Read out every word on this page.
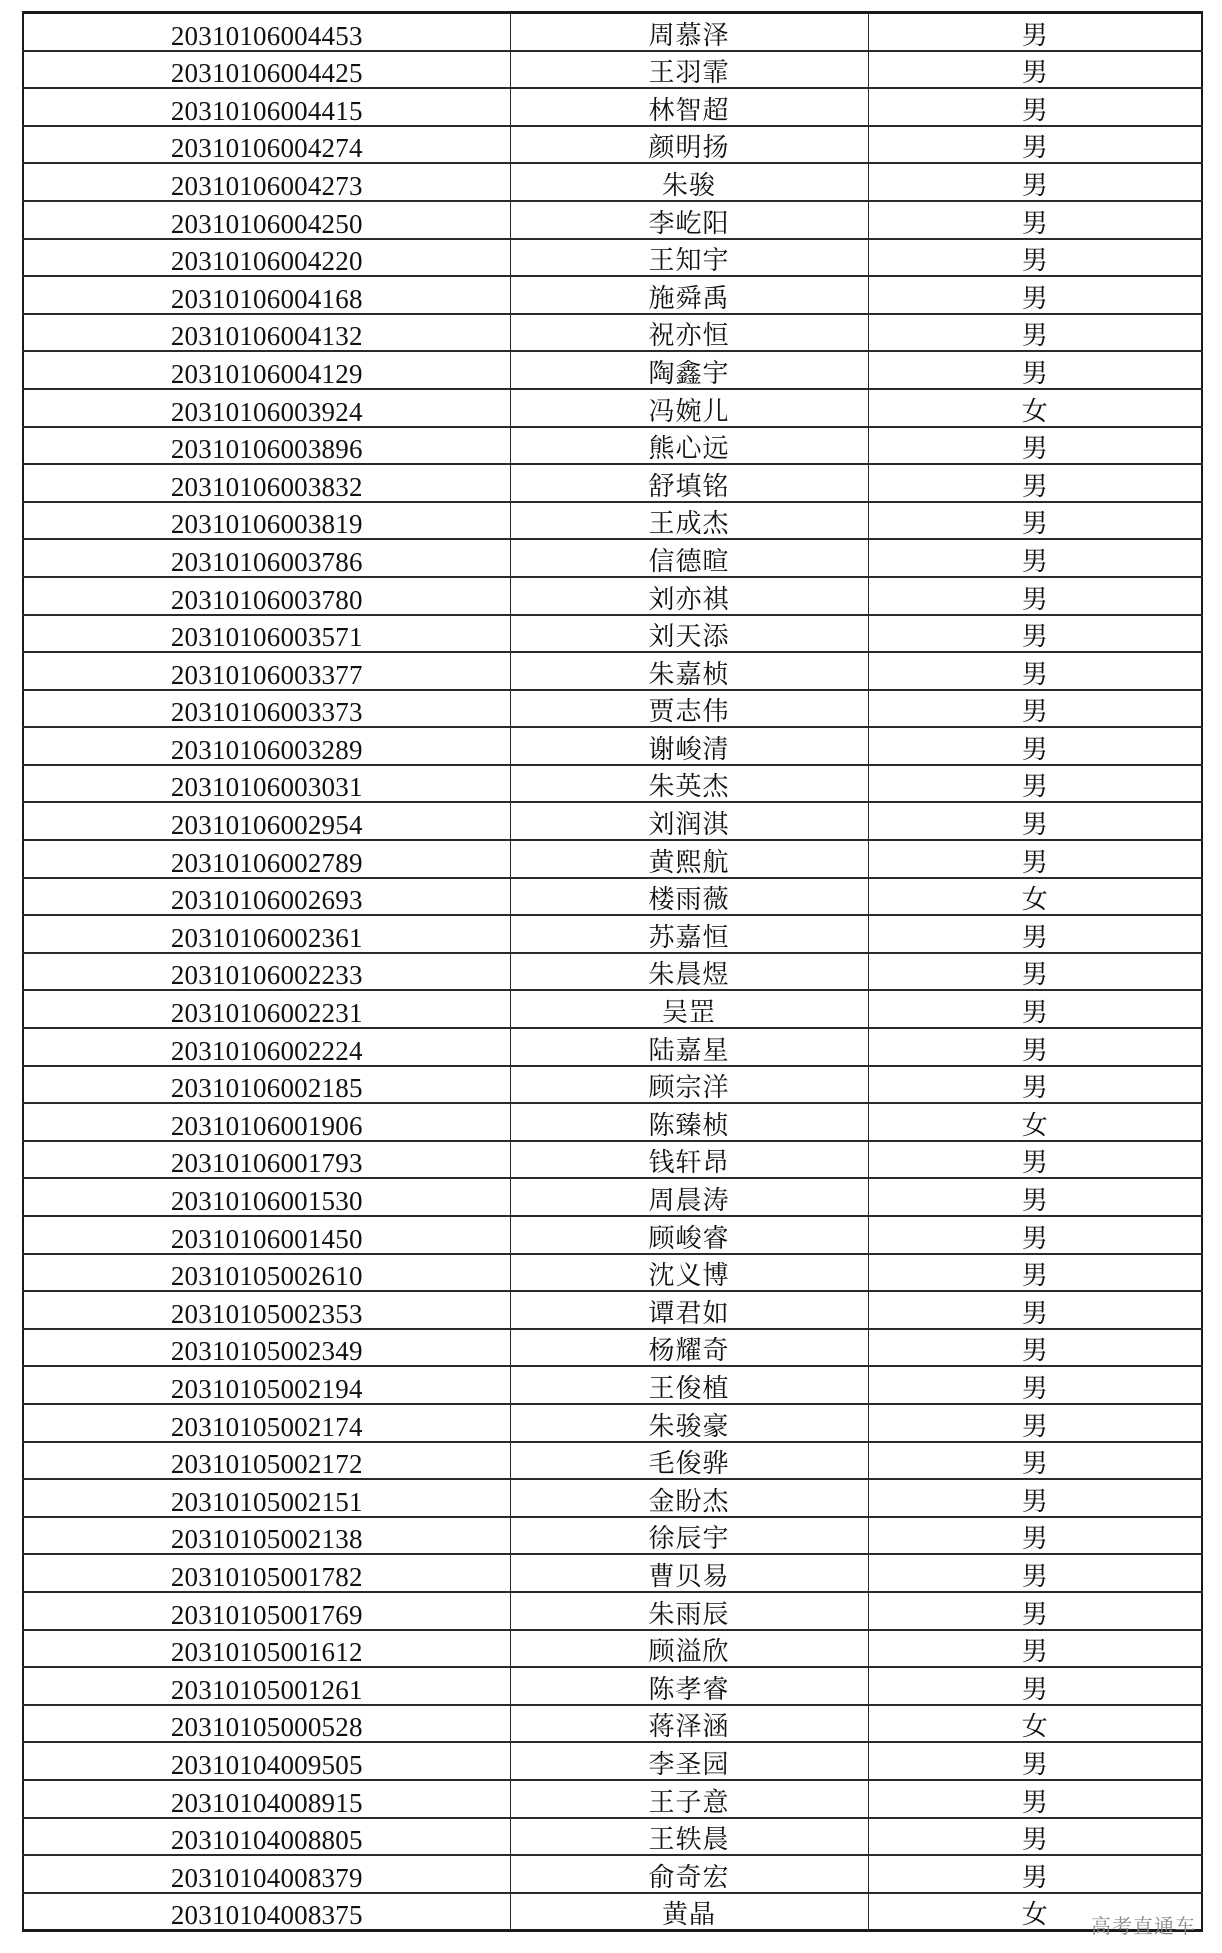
20310106004453	周慕泽	男
20310106004425	王羽霏	男
20310106004415	林智超	男
20310106004274	颜明扬	男
20310106004273	朱骏	男
20310106004250	李屹阳	男
20310106004220	王知宇	男
20310106004168	施舜禹	男
20310106004132	祝亦恒	男
20310106004129	陶鑫宇	男
20310106003924	冯婉儿	女
20310106003896	熊心远	男
20310106003832	舒填铭	男
20310106003819	王成杰	男
20310106003786	信德暄	男
20310106003780	刘亦祺	男
20310106003571	刘天添	男
20310106003377	朱嘉桢	男
20310106003373	贾志伟	男
20310106003289	谢峻清	男
20310106003031	朱英杰	男
20310106002954	刘润淇	男
20310106002789	黄熙航	男
20310106002693	楼雨薇	女
20310106002361	苏嘉恒	男
20310106002233	朱晨煜	男
20310106002231	吴罡	男
20310106002224	陆嘉星	男
20310106002185	顾宗洋	男
20310106001906	陈臻桢	女
20310106001793	钱轩昂	男
20310106001530	周晨涛	男
20310106001450	顾峻睿	男
20310105002610	沈义博	男
20310105002353	谭君如	男
20310105002349	杨耀奇	男
20310105002194	王俊植	男
20310105002174	朱骏豪	男
20310105002172	毛俊骅	男
20310105002151	金盼杰	男
20310105002138	徐辰宇	男
20310105001782	曹贝易	男
20310105001769	朱雨辰	男
20310105001612	顾溢欣	男
20310105001261	陈孝睿	男
20310105000528	蒋泽涵	女
20310104009505	李圣园	男
20310104008915	王子意	男
20310104008805	王轶晨	男
20310104008379	俞奇宏	男
20310104008375	黄晶	女 高考直通车
